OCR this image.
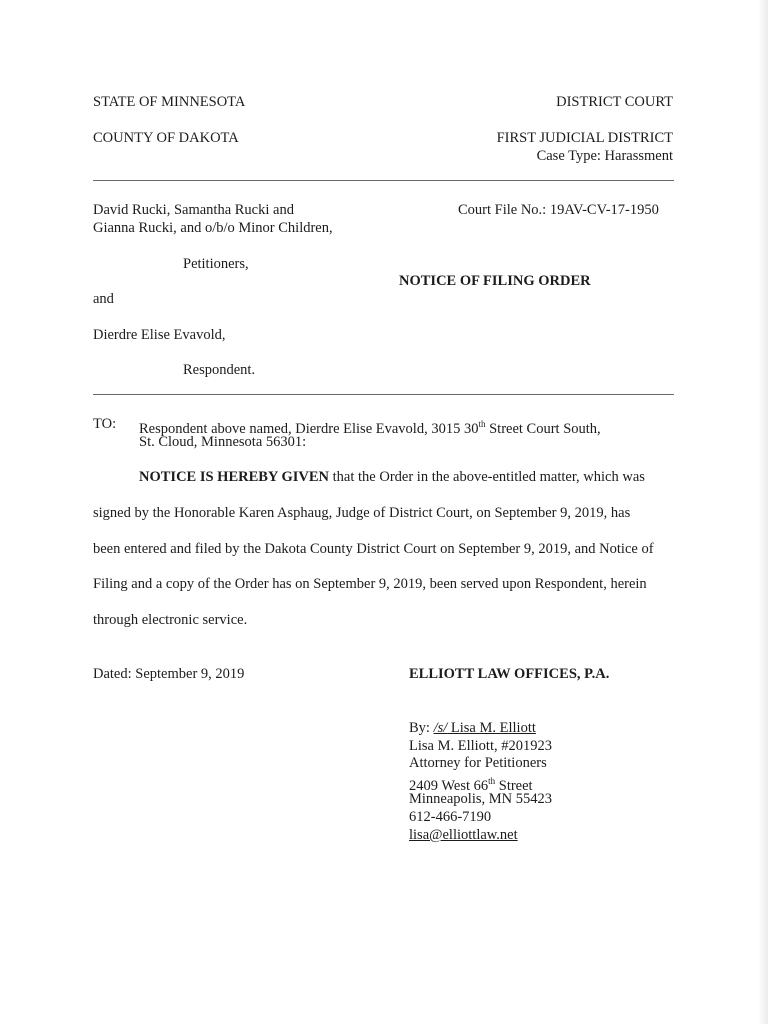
STATE OF MINNESOTA	DISTRICT COURT
COUNTY OF DAKOTA	FIRST JUDICIAL DISTRICT
Case Type: Harassment
David Rucki, Samantha Rucki and
Gianna Rucki, and o/b/o Minor Children,
Court File No.: 19AV-CV-17-1950
Petitioners,
NOTICE OF FILING ORDER
and
Dierdre Elise Evavold,
Respondent.
TO: Respondent above named, Dierdre Elise Evavold, 3015 30th Street Court South,
St. Cloud, Minnesota 56301:
NOTICE IS HEREBY GIVEN that the Order in the above-entitled matter, which was
signed by the Honorable Karen Asphaug, Judge of District Court, on September 9, 2019, has
been entered and filed by the Dakota County District Court on September 9, 2019, and Notice of
Filing and a copy of the Order has on September 9, 2019, been served upon Respondent, herein
through electronic service.
Dated: September 9, 2019	ELLIOTT LAW OFFICES, P.A.
By: /s/ Lisa M. Elliott
Lisa M. Elliott, #201923
Attorney for Petitioners
2409 West 66th Street
Minneapolis, MN 55423
612-466-7190
lisa@elliottlaw.net
